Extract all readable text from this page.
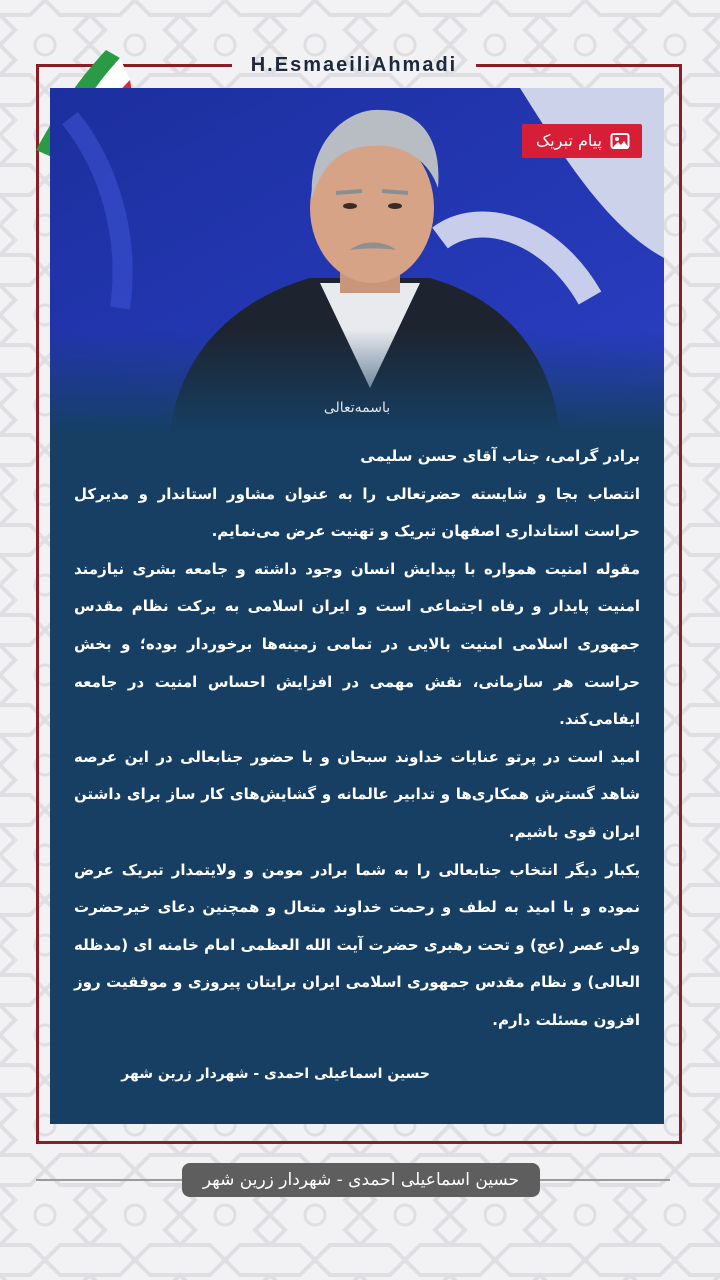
H.EsmaeiliAhmadi
پیام تبریک
باسمه‌تعالی

برادر گرامی، جناب آقای حسن سلیمی

انتصاب بجا و شایسته حضرتعالی را به عنوان مشاور استاندار و مدیرکل حراست استانداری اصفهان تبریک و تهنیت عرض می‌نمایم.

مقوله امنیت همواره با پیدایش انسان وجود داشته و جامعه بشری نیازمند امنیت پایدار و رفاه اجتماعی است و ایران اسلامی به برکت نظام مقدس جمهوری اسلامی امنیت بالایی در تمامی زمینه‌ها برخوردار بوده؛ و بخش حراست هر سازمانی، نقش مهمی در افزایش احساس امنیت در جامعه ایفامی‌کند.

امید است در پرتو عنایات خداوند سبحان و با حضور جنابعالی در این عرصه شاهد گسترش همکاری‌ها و تدابیر عالمانه و گشایش‌های کار ساز برای داشتن ایران قوی باشیم.

یکبار دیگر انتخاب جنابعالی را به شما برادر مومن و ولایتمدار تبریک عرض نموده و با امید به لطف و رحمت خداوند متعال و همچنین دعای خیرحضرت ولی عصر (عج) و تحت رهبری حضرت آیت الله العظمی امام خامنه ای (مدظله العالی) و نظام مقدس جمهوری اسلامی ایران برایتان پیروزی و موفقیت روز افزون مسئلت دارم.

حسین اسماعیلی احمدی - شهردار زرین شهر
حسین اسماعیلی احمدی - شهردار زرین شهر
